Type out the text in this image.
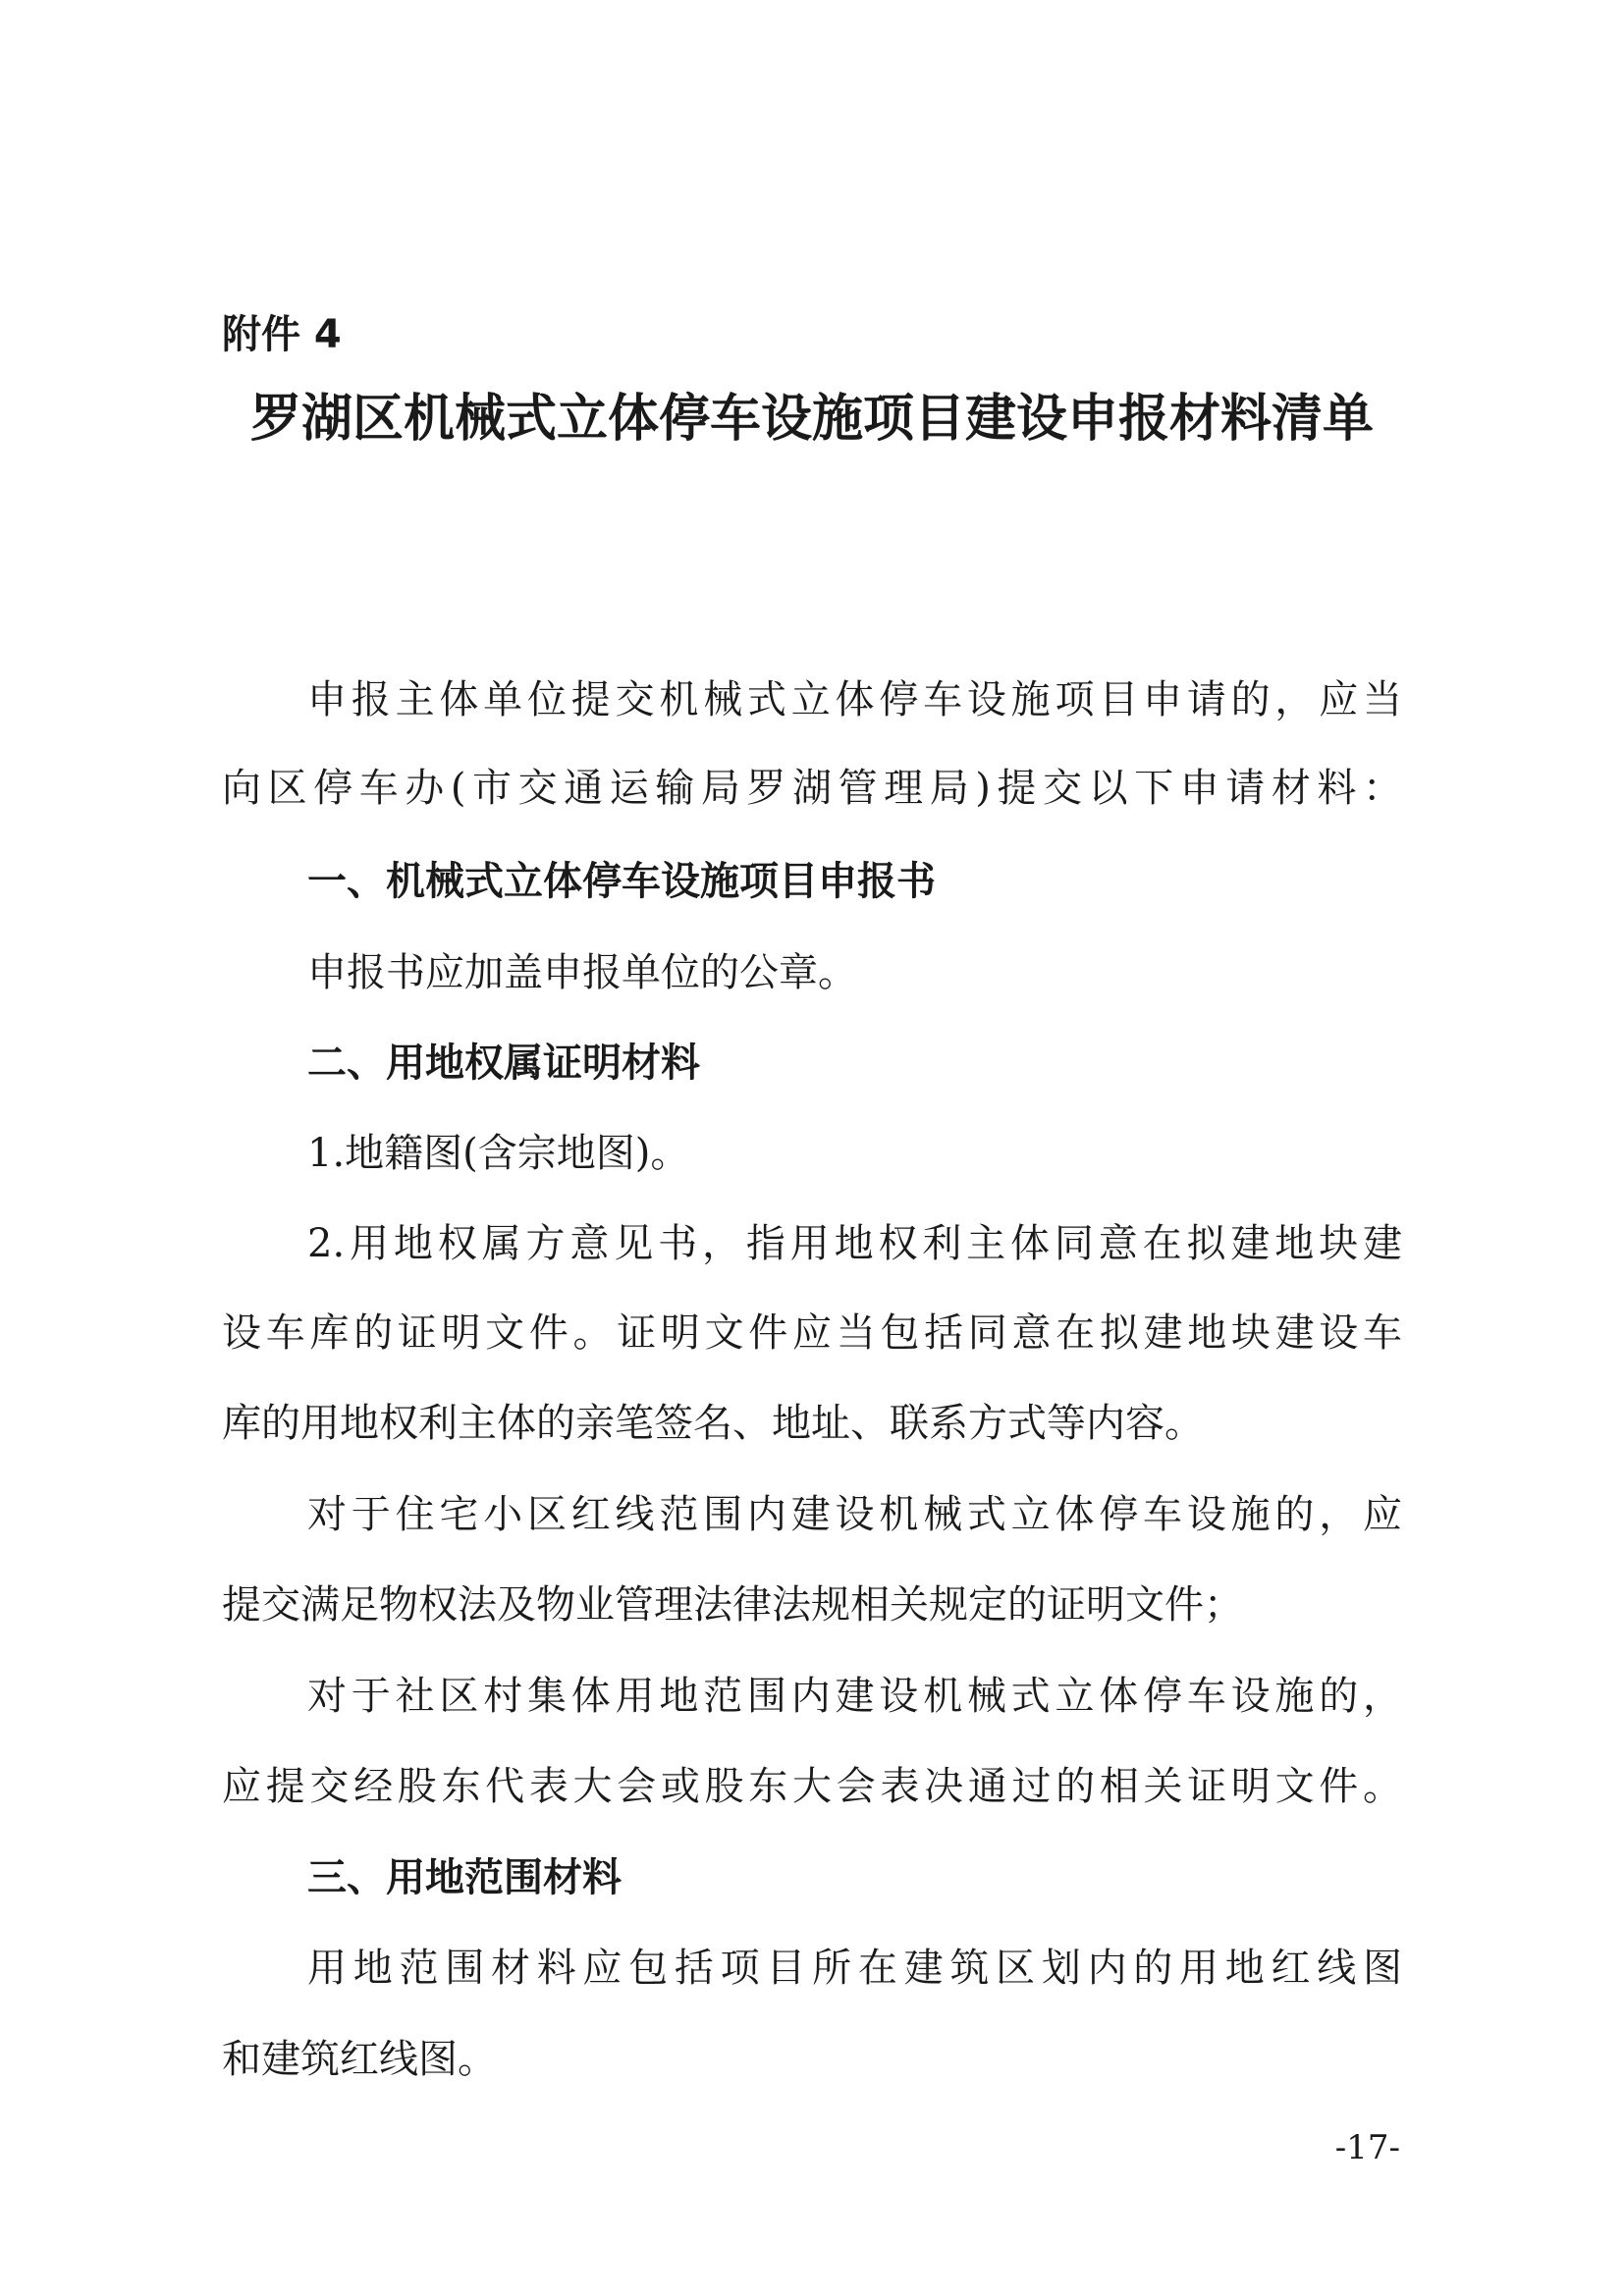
附件 4
罗湖区机械式立体停车设施项目建设申报材料清单
申报主体单位提交机械式立体停车设施项目申请的，应当
向区停车办(市交通运输局罗湖管理局)提交以下申请材料：
一、机械式立体停车设施项目申报书
申报书应加盖申报单位的公章。
二、用地权属证明材料
1.地籍图(含宗地图)。
2.用地权属方意见书，指用地权利主体同意在拟建地块建
设车库的证明文件。证明文件应当包括同意在拟建地块建设车
库的用地权利主体的亲笔签名、地址、联系方式等内容。
对于住宅小区红线范围内建设机械式立体停车设施的，应
提交满足物权法及物业管理法律法规相关规定的证明文件；
对于社区村集体用地范围内建设机械式立体停车设施的，
应提交经股东代表大会或股东大会表决通过的相关证明文件。
三、用地范围材料
用地范围材料应包括项目所在建筑区划内的用地红线图
和建筑红线图。
-17-
